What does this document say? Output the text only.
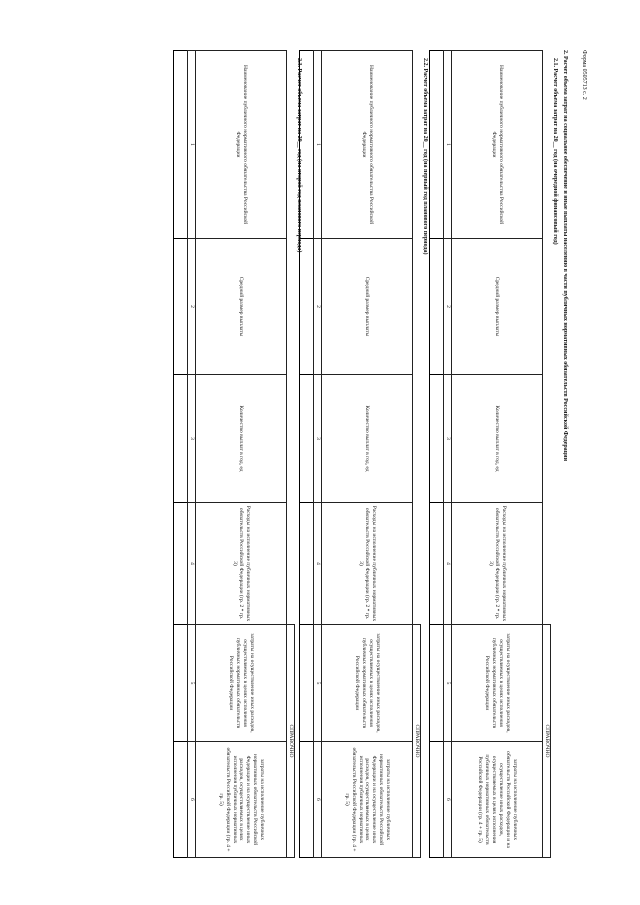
Форма 0505713 с. 2
2. Расчет объема затрат на социальное обеспечение и иные выплаты населению в части публичных нормативных обязательств Российской Федерации
2.1. Расчет объема затрат на 20__ год (на очередной финансовый год)
				СПРАВОЧНО	
Наименование публичного нормативного обязательства Российской Федерации	Средний размер выплаты	Количество выплат в год, ед	Расходы на исполнение публичных нормативных обязательств Российской Федерации (гр. 2 * гр. 3)	затраты на осуществление иных расходов, осуществляемых в целях исполнения публичных нормативных обязательств Российской Федерации	затраты на исполнение публичных обязательств Российской Федерации и на осуществление иных расходов, осуществляемых в целях исполнения публичных нормативных обязательств Российской Федерации (гр. 4 + гр. 5)
1	2	3	4	5	6

2.2. Расчет объема затрат на 20__ год (на первый год планового периода)
				СПРАВОЧНО	
Наименование публичного нормативного обязательства Российской Федерации	Средний размер выплаты	Количество выплат в год, ед	Расходы на исполнение публичных нормативных обязательств Российской Федерации (гр. 2 * гр. 3)	затраты на осуществление иных расходов, осуществляемых в целях исполнения публичных нормативных обязательств Российской Федерации	затраты на исполнение публичных нормативных обязательств Российской Федерации и на осуществление иных расходов, осуществляемых в целях исполнения публичных нормативных обязательств Российской Федерации (гр. 4 + гр. 5)
1	2	3	4	5	6

2.3. Расчет объема затрат на 20__ год (на второй год планового периода)
				СПРАВОЧНО	
Наименование публичного нормативного обязательства Российской Федерации	Средний размер выплаты	Количество выплат в год, ед	Расходы на исполнение публичных нормативных обязательств Российской Федерации (гр. 2 * гр. 3)	затраты на осуществление иных расходов, осуществляемых в целях исполнения публичных нормативных обязательств Российской Федерации	затраты на исполнение публичных нормативных обязательств Российской Федерации и на осуществление иных расходов, осуществляемых в целях исполнения публичных нормативных обязательств Российской Федерации (гр. 4 + гр. 5)
1	2	3	4	5	6
